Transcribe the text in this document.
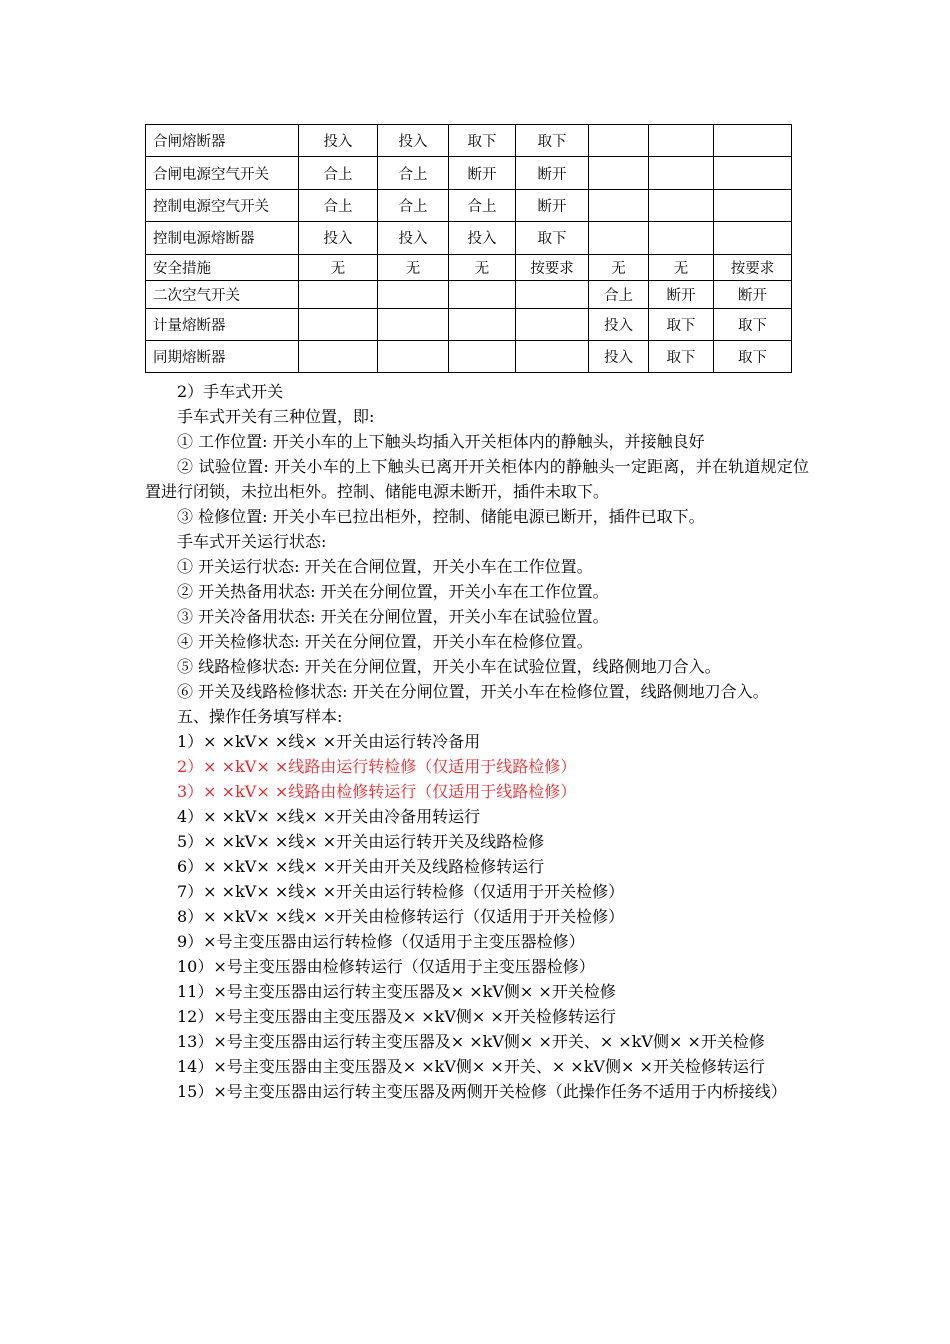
合闸熔断器	投入	投入	取下	取下			
合闸电源空气开关	合上	合上	断开	断开			
控制电源空气开关	合上	合上	合上	断开			
控制电源熔断器	投入	投入	投入	取下			
安全措施	无	无	无	按要求	无	无	按要求
二次空气开关					合上	断开	断开
计量熔断器					投入	取下	取下
同期熔断器					投入	取下	取下
2）手车式开关
手车式开关有三种位置，即:
① 工作位置: 开关小车的上下触头均插入开关柜体内的静触头，并接触良好
② 试验位置: 开关小车的上下触头已离开开关柜体内的静触头一定距离，并在轨道规定位置进行闭锁，未拉出柜外。控制、储能电源未断开，插件未取下。
③ 检修位置: 开关小车已拉出柜外，控制、储能电源已断开，插件已取下。
手车式开关运行状态:
① 开关运行状态: 开关在合闸位置，开关小车在工作位置。
② 开关热备用状态: 开关在分闸位置，开关小车在工作位置。
③ 开关冷备用状态: 开关在分闸位置，开关小车在试验位置。
④ 开关检修状态: 开关在分闸位置，开关小车在检修位置。
⑤ 线路检修状态: 开关在分闸位置，开关小车在试验位置，线路侧地刀合入。
⑥ 开关及线路检修状态: 开关在分闸位置，开关小车在检修位置，线路侧地刀合入。
五、操作任务填写样本:
1）× ×kV× ×线× ×开关由运行转冷备用
2）× ×kV× ×线路由运行转检修（仅适用于线路检修）
3）× ×kV× ×线路由检修转运行（仅适用于线路检修）
4）× ×kV× ×线× ×开关由冷备用转运行
5）× ×kV× ×线× ×开关由运行转开关及线路检修
6）× ×kV× ×线× ×开关由开关及线路检修转运行
7）× ×kV× ×线× ×开关由运行转检修（仅适用于开关检修）
8）× ×kV× ×线× ×开关由检修转运行（仅适用于开关检修）
9）×号主变压器由运行转检修（仅适用于主变压器检修）
10）×号主变压器由检修转运行（仅适用于主变压器检修）
11）×号主变压器由运行转主变压器及× ×kV侧× ×开关检修
12）×号主变压器由主变压器及× ×kV侧× ×开关检修转运行
13）×号主变压器由运行转主变压器及× ×kV侧× ×开关、× ×kV侧× ×开关检修
14）×号主变压器由主变压器及× ×kV侧× ×开关、× ×kV侧× ×开关检修转运行
15）×号主变压器由运行转主变压器及两侧开关检修（此操作任务不适用于内桥接线）
